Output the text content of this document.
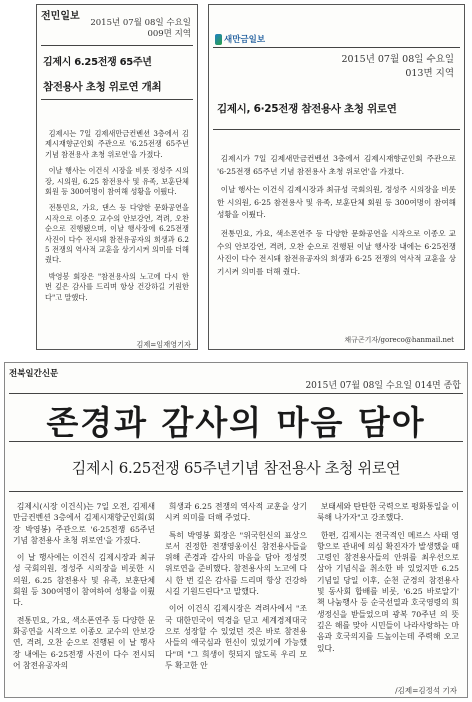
전민일보
2015년 07월 08일 수요일
009면 지역
김제시 6.25전쟁 65주년
참전용사 초청 위로연 개최

김제시는 7일 김제새만금컨벤션 3층에서 김제시재향군인회 주관으로 '6.25전쟁 65주년 기념 참전용사 초청 위로연'을 가졌다.

이날 행사는 이건식 시장을 비롯 정성주 시의장, 시의원, 6.25 참전용사 및 유족, 보훈단체 회원 등 300여명이 참여해 성황을 이뤘다.

전통민요, 가요, 댄스 등 다양한 문화공연을 시작으로 이종오 교수의 안보강연, 격려, 오찬 순으로 진행됐으며, 이날 행사장에 6.25전쟁 사진이 다수 전시돼 참전유공자의 희생과 6.25 전쟁의 역사적 교훈을 상기시켜 의미를 더해 줬다.

박영봉 회장은 "참전용사의 노고에 다시 한 번 깊은 감사를 드리며 항상 건강하길 기원한다"고 말했다.

김제=임재영기자
새만금일보
2015년 07월 08일 수요일
013면 지역
김제시, 6·25전쟁 참전용사 초청 위로연

김제시가 7일 김제새만금컨벤션 3층에서 김제시재향군인회 주관으로 '6·25전쟁 65주년 기념 참전용사 초청 위로연'을 가졌다.

이날 행사는 이건식 김제시장과 최규성 국회의원, 정성주 시의장을 비롯한 시의원, 6·25 참전용사 및 유족, 보훈단체 회원 등 300여명이 참여해 성황을 이뤘다.

전통민요, 가요, 색소폰연주 등 다양한 문화공연을 시작으로 이종오 교수의 안보강연, 격려, 오찬 순으로 진행된 이날 행사장 내에는 6·25전쟁 사진이 다수 전시돼 참전유공자의 희생과 6·25 전쟁의 역사적 교훈을 상기시켜 의미를 더해 줬다.

채규곤기자/goreco@hanmail.net
전북일간신문
2015년 07월 08일 수요일 014면 종합
존경과 감사의 마음 담아
김제시 6.25전쟁 65주년기념 참전용사 초청 위로연

김제시(시장 이건식)는 7일 오전, 김제새만금컨벤션 3층에서 김제시재향군인회(회장 박영봉) 주관으로 '6·25전쟁 65주년 기념 참전용사 초청 위로연'을 가졌다.

이 날 행사에는 이건식 김제시장과 최규성 국회의원, 정성주 시의장을 비롯한 시의원, 6.25 참전용사 및 유족, 보훈단체 회원 등 300여명이 참여하여 성황을 이뤘다.

전통민요, 가요, 색소폰연주 등 다양한 문화공연을 시작으로 이종오 교수의 안보강연, 격려, 오찬 순으로 진행된 이 날 행사장 내에는 6·25전쟁 사진이 다수 전시되어 참전유공자의

희생과 6.25 전쟁의 역사적 교훈을 상기시켜 의미를 더해 주었다.

특히 박영봉 회장은 "위국헌신의 표상으로서 진정한 전쟁영웅이신 참전용사들을 위해 존경과 감사의 마음을 담아 정성껏 위로연을 준비했다. 참전용사의 노고에 다시 한 번 깊은 감사를 드리며 항상 건강하시길 기원드린다"고 말했다.

이어 이건식 김제시장은 격려사에서 "조국 대한민국이 역경을 딛고 세계경제대국으로 성장할 수 있었던 것은 바로 참전용사들의 애국심과 헌신이 있었기에 가능했다"며 "그 희생이 헛되지 않도록 우리 모두 확고한 안

보태세와 탄탄한 국력으로 평화통일을 이룩해 나가자"고 강조했다.

한편, 김제시는 전국적인 메르스 사태 영향으로 관내에 의심 확진자가 발생했을 때 고령인 참전용사들의 안위를 최우선으로 삼아 기념식을 취소한 바 있었지만 6.25 기념일 당일 이후, 순천 군경의 참전용사 및 동사회 합배를 비롯, '6.25 바로알기' 책 나눔행사 등 순국선열과 호국영령의 희생정신을 받들었으며 광복 70주년 의 뜻 깊은 해를 맞아 시민들이 나라사랑하는 마음과 호국의지를 드높이는데 주력해 오고 있다.

/김제=김정석 기자
